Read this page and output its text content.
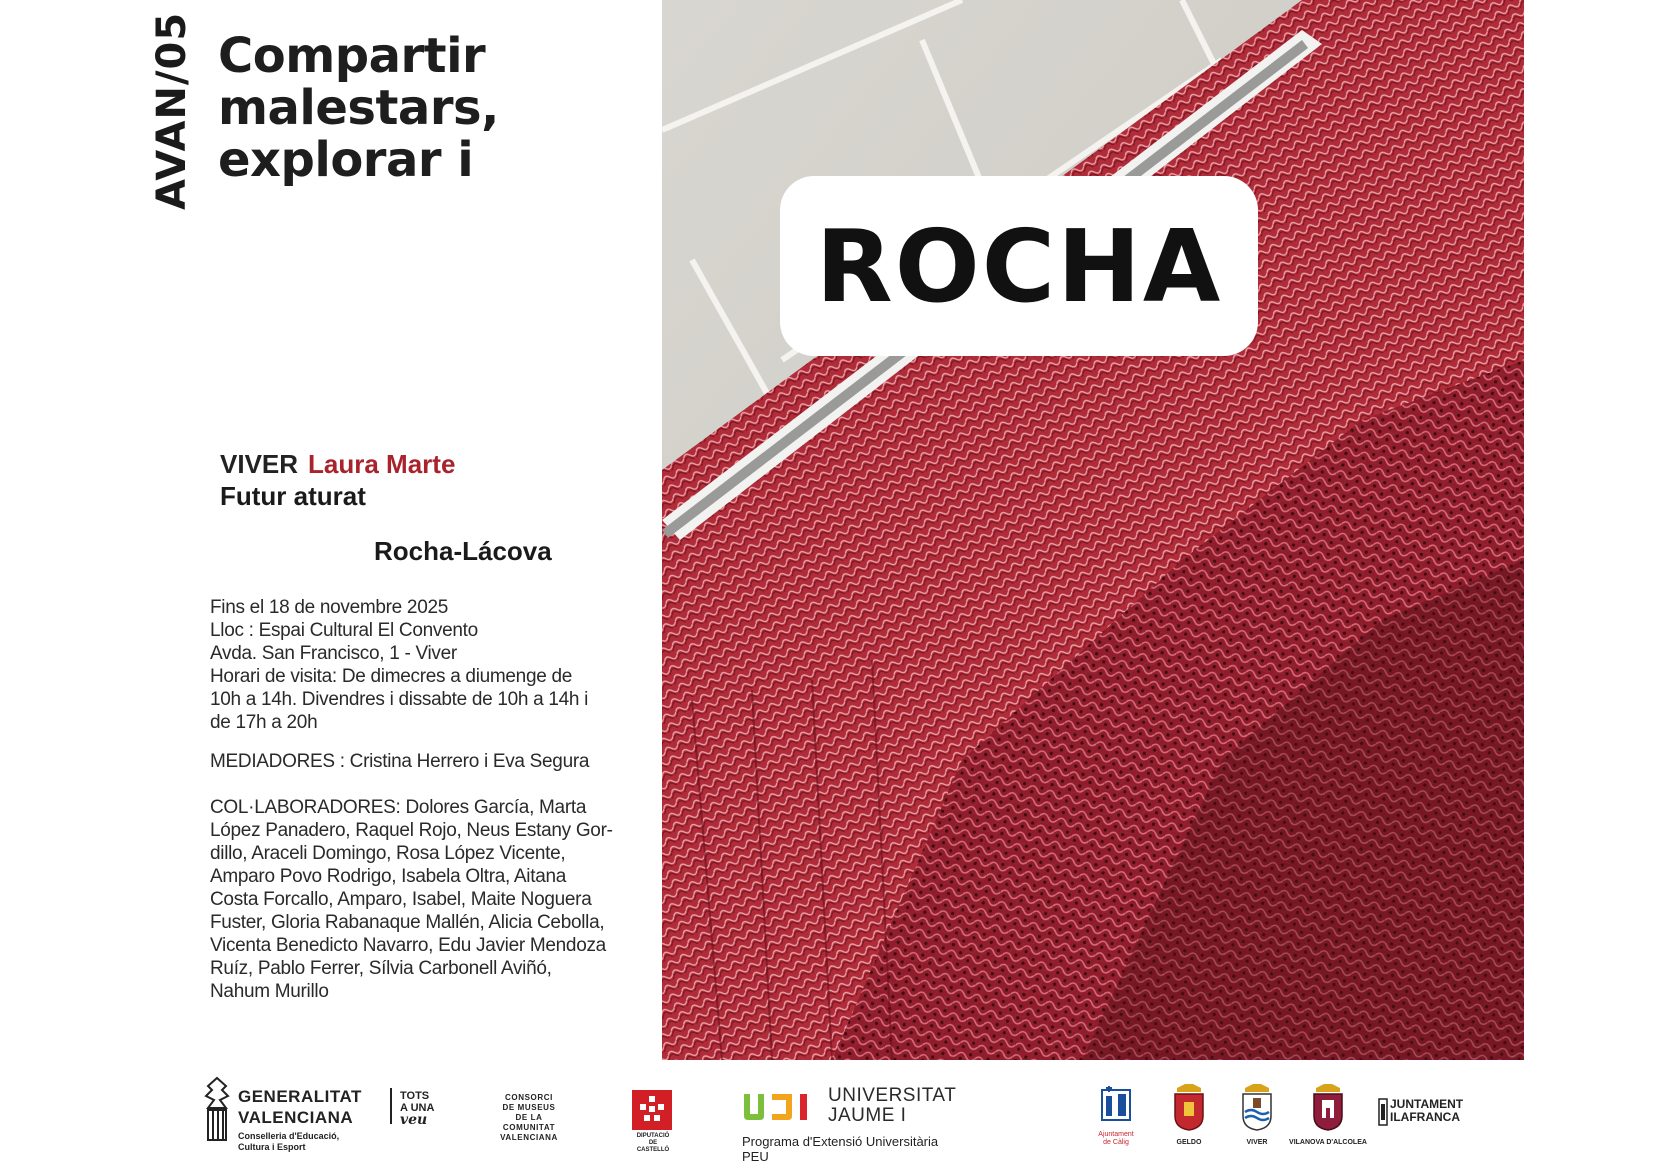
AVAN/05 Compartir
malestars,
explorar i
VIVER Laura Marte
Futur aturat
Rocha-Lácova
Fins el 18 de novembre 2025
Lloc : Espai Cultural El Convento
Avda. San Francisco, 1 - Viver
Horari de visita: De dimecres a diumenge de
10h a 14h. Divendres i dissabte de 10h a 14h i
de 17h a 20h
MEDIADORES : Cristina Herrero i Eva Segura
COL·LABORADORES: Dolores García, Marta
López Panadero, Raquel Rojo, Neus Estany Gor-
dillo, Araceli Domingo, Rosa López Vicente,
Amparo Povo Rodrigo, Isabela Oltra, Aitana
Costa Forcallo, Amparo, Isabel, Maite Noguera
Fuster, Gloria Rabanaque Mallén, Alicia Cebolla,
Vicenta Benedicto Navarro, Edu Javier Mendoza
Ruíz, Pablo Ferrer, Sílvia Carbonell Aviñó,
Nahum Murillo
ROCHA
GENERALITAT
VALENCIANA
Conselleria d'Educació,
Cultura i Esport
TOTS
A UNA
veu
CONSORCI
DE MUSEUS
DE LA
COMUNITAT
VALENCIANA	DIPUTACIÓ
DE
CASTELLÓ
UNIVERSITAT
JAUME I
Programa d'Extensió Universitària
PEU
Ajuntament
de Càlig	GELDO	VIVER	VILANOVA D'ALCOLEA
JUNTAMENT
ILAFRANCA
